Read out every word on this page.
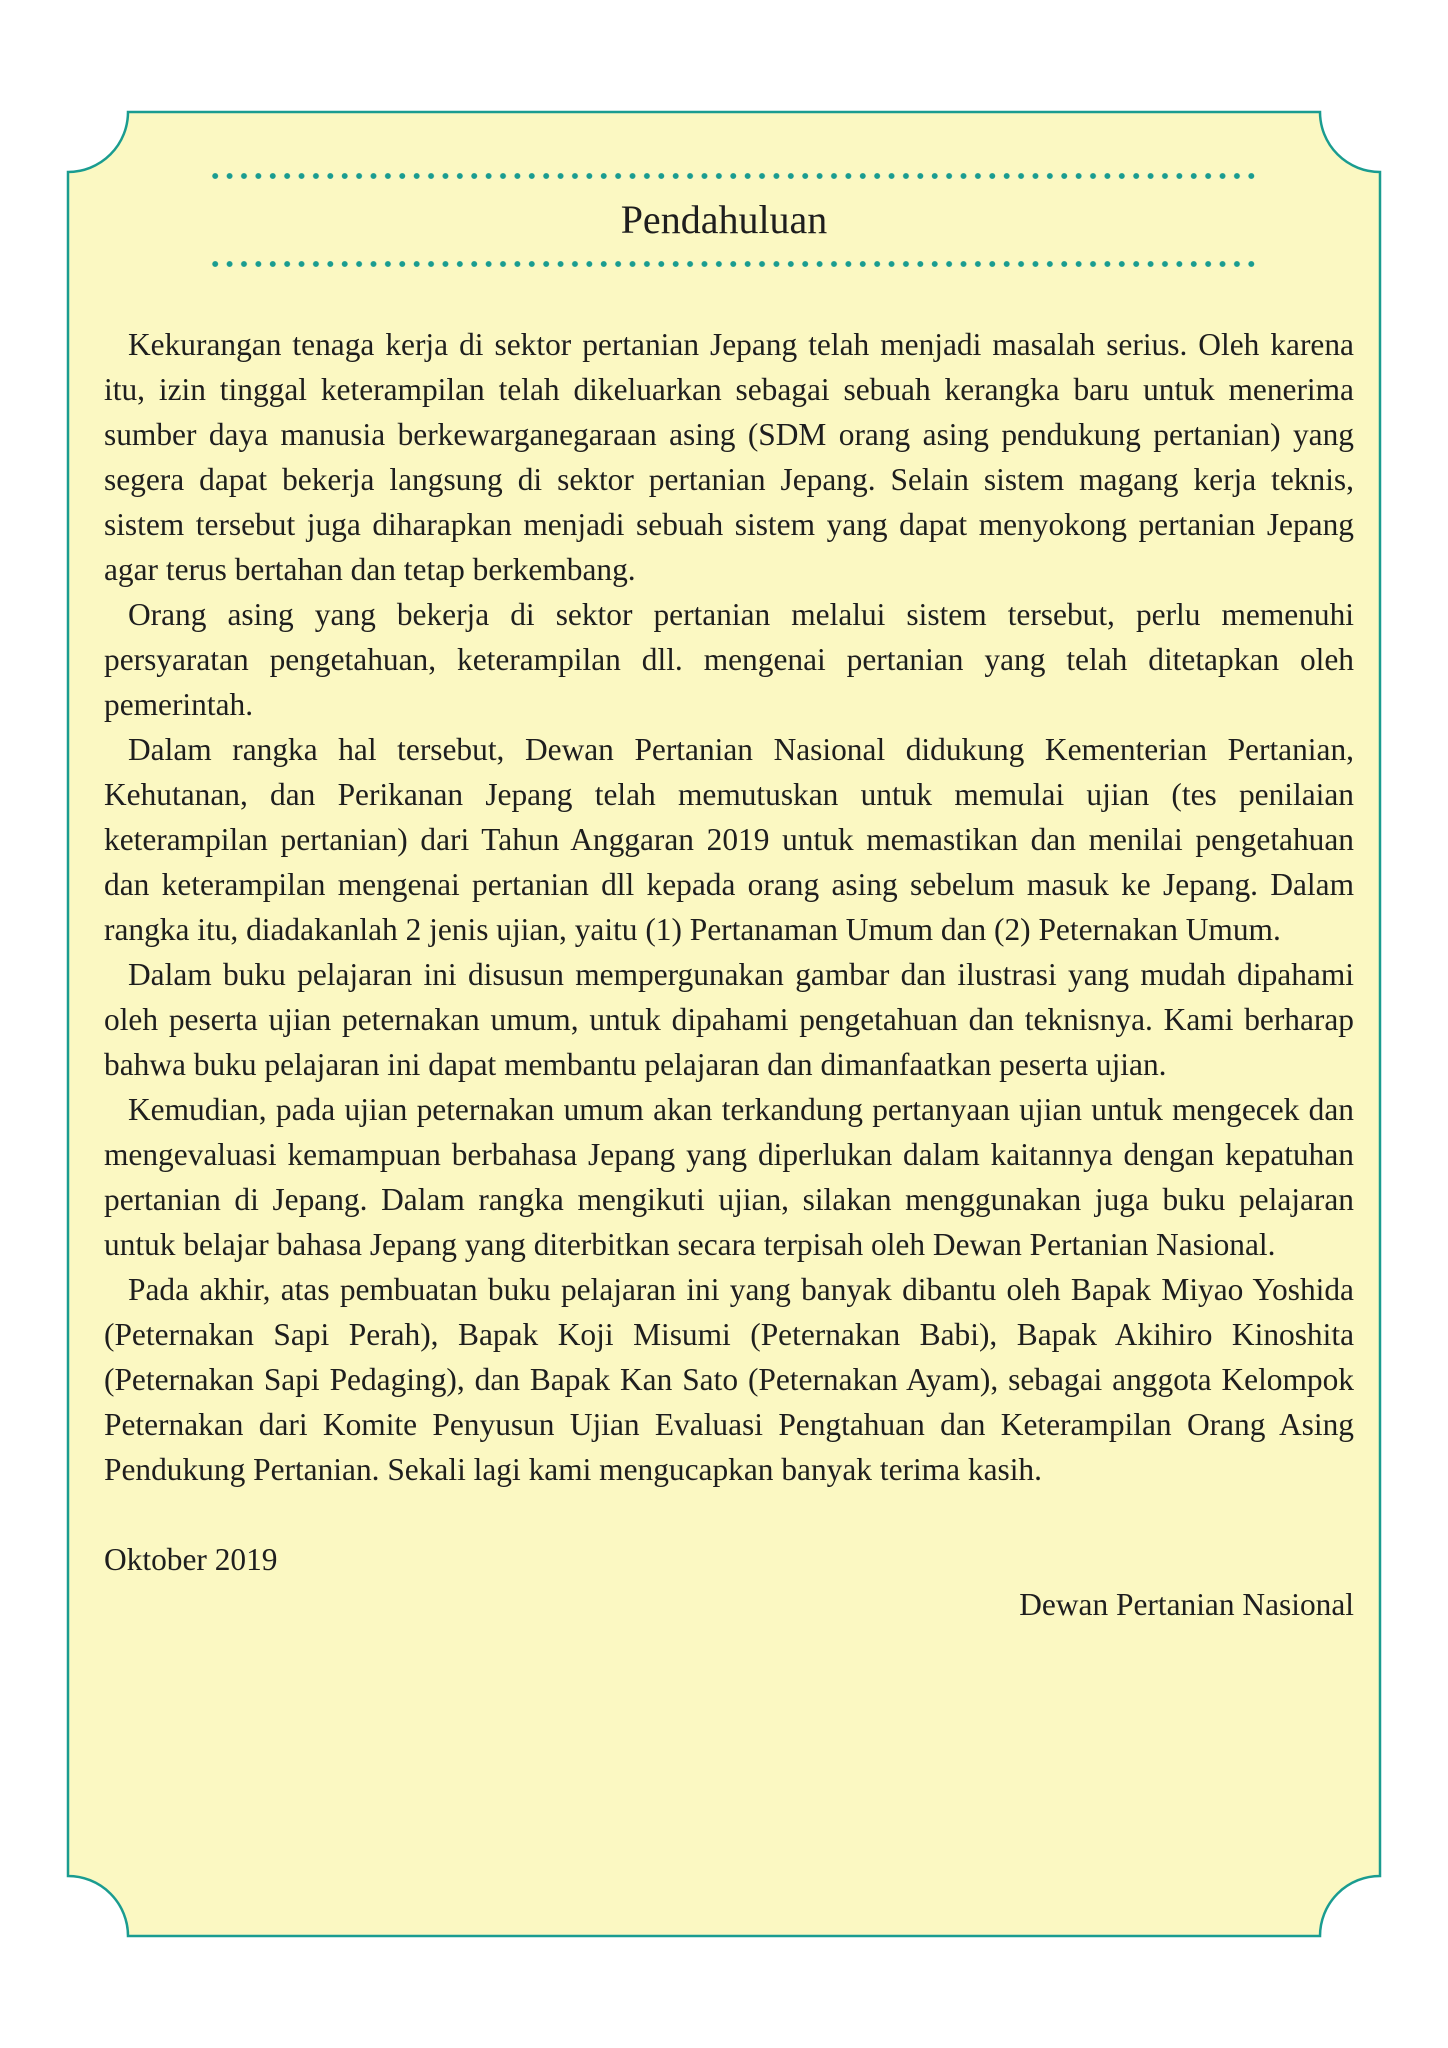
Pendahuluan

Kekurangan tenaga kerja di sektor pertanian Jepang telah menjadi masalah serius. Oleh karena itu, izin tinggal keterampilan telah dikeluarkan sebagai sebuah kerangka baru untuk menerima sumber daya manusia berkewarganegaraan asing (SDM orang asing pendukung pertanian) yang segera dapat bekerja langsung di sektor pertanian Jepang. Selain sistem magang kerja teknis, sistem tersebut juga diharapkan menjadi sebuah sistem yang dapat menyokong pertanian Jepang agar terus bertahan dan tetap berkembang.

Orang asing yang bekerja di sektor pertanian melalui sistem tersebut, perlu memenuhi persyaratan pengetahuan, keterampilan dll. mengenai pertanian yang telah ditetapkan oleh pemerintah.

Dalam rangka hal tersebut, Dewan Pertanian Nasional didukung Kementerian Pertanian, Kehutanan, dan Perikanan Jepang telah memutuskan untuk memulai ujian (tes penilaian keterampilan pertanian) dari Tahun Anggaran 2019 untuk memastikan dan menilai pengetahuan dan keterampilan mengenai pertanian dll kepada orang asing sebelum masuk ke Jepang. Dalam rangka itu, diadakanlah 2 jenis ujian, yaitu (1) Pertanaman Umum dan (2) Peternakan Umum.

Dalam buku pelajaran ini disusun mempergunakan gambar dan ilustrasi yang mudah dipahami oleh peserta ujian peternakan umum, untuk dipahami pengetahuan dan teknisnya. Kami berharap bahwa buku pelajaran ini dapat membantu pelajaran dan dimanfaatkan peserta ujian.

Kemudian, pada ujian peternakan umum akan terkandung pertanyaan ujian untuk mengecek dan mengevaluasi kemampuan berbahasa Jepang yang diperlukan dalam kaitannya dengan kepatuhan pertanian di Jepang. Dalam rangka mengikuti ujian, silakan menggunakan juga buku pelajaran untuk belajar bahasa Jepang yang diterbitkan secara terpisah oleh Dewan Pertanian Nasional.

Pada akhir, atas pembuatan buku pelajaran ini yang banyak dibantu oleh Bapak Miyao Yoshida (Peternakan Sapi Perah), Bapak Koji Misumi (Peternakan Babi), Bapak Akihiro Kinoshita (Peternakan Sapi Pedaging), dan Bapak Kan Sato (Peternakan Ayam), sebagai anggota Kelompok Peternakan dari Komite Penyusun Ujian Evaluasi Pengtahuan dan Keterampilan Orang Asing Pendukung Pertanian. Sekali lagi kami mengucapkan banyak terima kasih.

Oktober 2019

Dewan Pertanian Nasional
